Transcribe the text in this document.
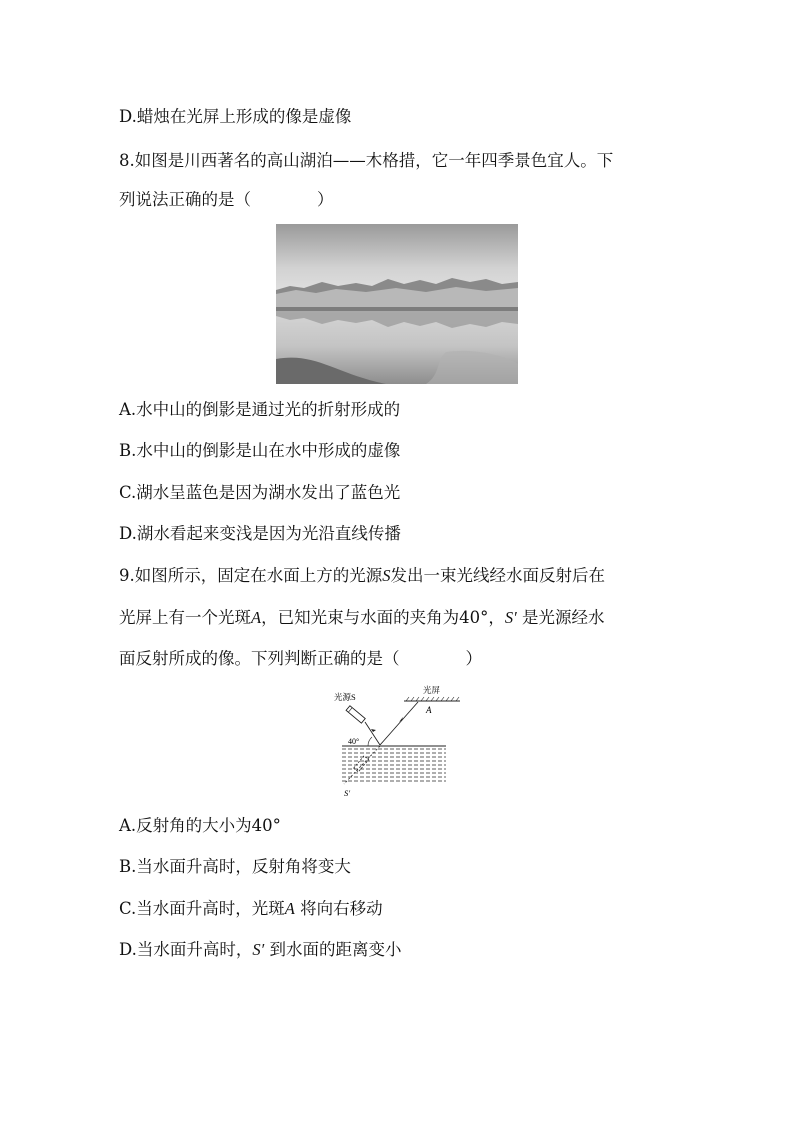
D.蜡烛在光屏上形成的像是虚像
8.如图是川西著名的高山湖泊——木格措，它一年四季景色宜人。下
列说法正确的是（　　　　）
A.水中山的倒影是通过光的折射形成的
B.水中山的倒影是山在水中形成的虚像
C.湖水呈蓝色是因为湖水发出了蓝色光
D.湖水看起来变浅是因为光沿直线传播
9.如图所示，固定在水面上方的光源S发出一束光线经水面反射后在
光屏上有一个光斑A，已知光束与水面的夹角为40°，S′ 是光源经水
面反射所成的像。下列判断正确的是（　　　　）
光源S
光屏
A
40°
S′
A.反射角的大小为40°
B.当水面升高时，反射角将变大
C.当水面升高时，光斑A 将向右移动
D.当水面升高时，S′ 到水面的距离变小
